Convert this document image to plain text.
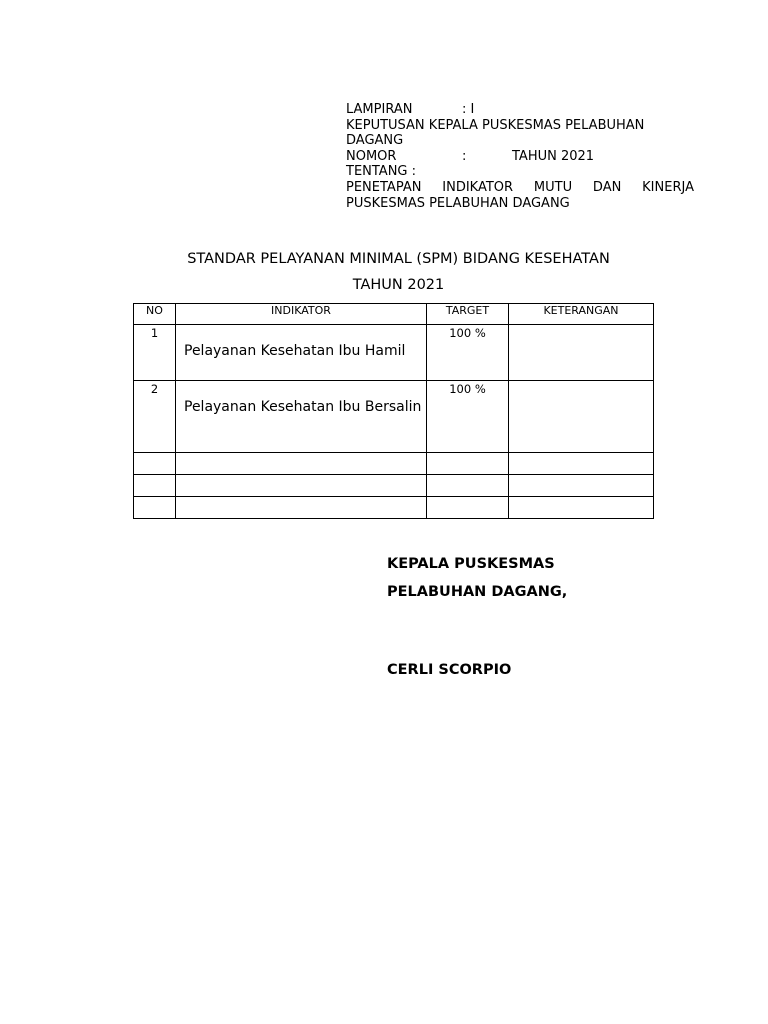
LAMPIRAN	: I
KEPUTUSAN KEPALA PUSKESMAS PELABUHAN DAGANG
NOMOR	:	TAHUN 2021
TENTANG :
PENETAPAN INDIKATOR MUTU DAN KINERJA
PUSKESMAS PELABUHAN DAGANG
STANDAR PELAYANAN MINIMAL (SPM) BIDANG KESEHATAN
TAHUN 2021
NO	INDIKATOR	TARGET	KETERANGAN
1	Pelayanan Kesehatan Ibu Hamil	100 %	
2	Pelayanan Kesehatan Ibu Bersalin	100 %	

KEPALA PUSKESMAS
PELABUHAN DAGANG,
CERLI SCORPIO
